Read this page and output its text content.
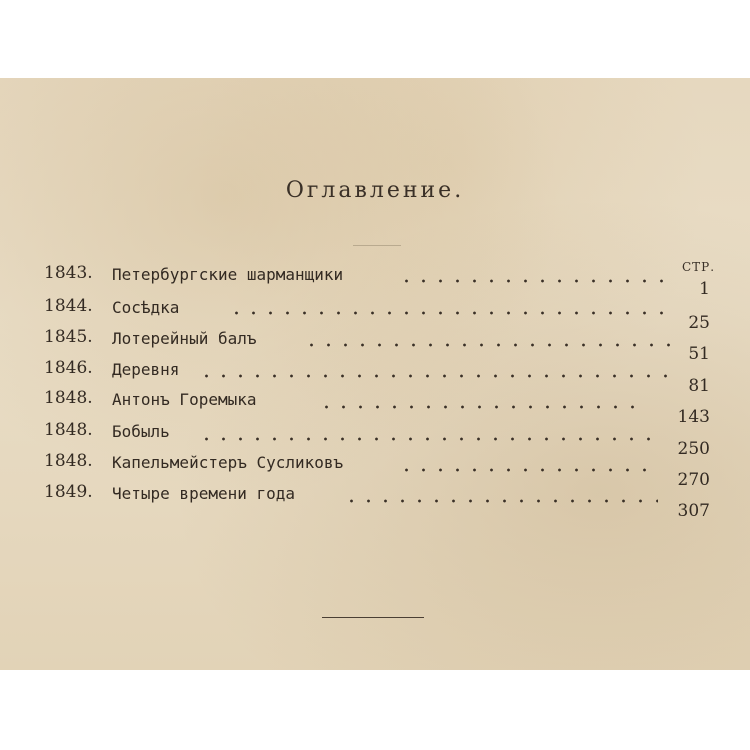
Оглавление.
СТР.
1843. Петербургские шарманщики
1
1844. Сосѣдка
25
1845. Лотерейный балъ
51
1846. Деревня
81
1848. Антонъ Горемыка
143
1848. Бобыль
250
1848. Капельмейстеръ Сусликовъ
270
1849. Четыре времени года
307
